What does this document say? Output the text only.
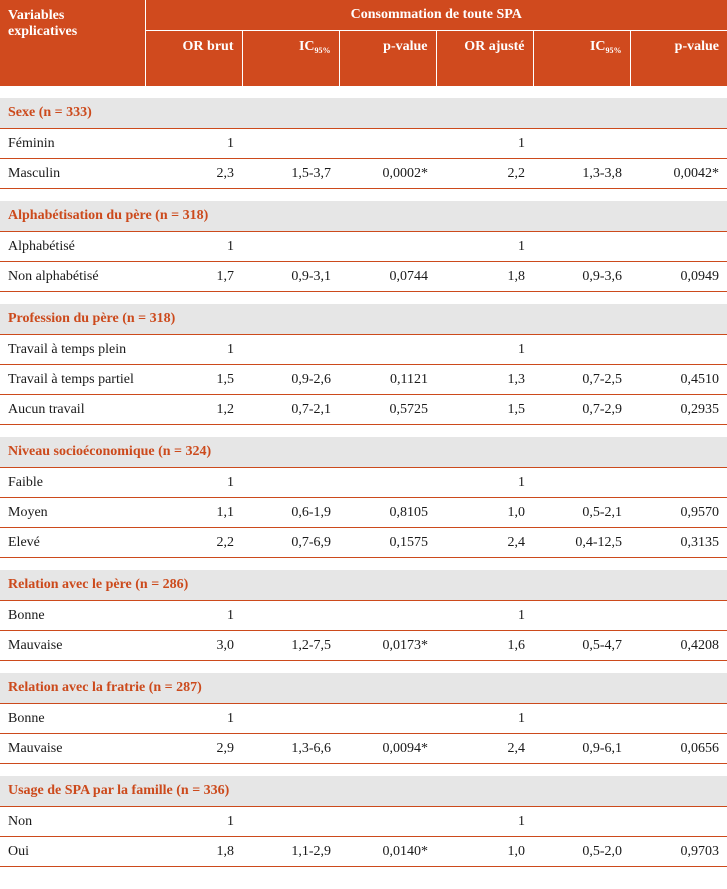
Variables
explicatives	Consommation de toute SPA					
	OR brut	$IC_{95\%}$	p-value	OR ajusté	$IC_{95\%}$	p-value

Sexe (n = 333)						
Féminin	1			1		
Masculin	2,3	1,5-3,7	0,0002*	2,2	1,3-3,8	0,0042*

Alphabétisation du père (n = 318)						
Alphabétisé	1			1		
Non alphabétisé	1,7	0,9-3,1	0,0744	1,8	0,9-3,6	0,0949

Profession du père (n = 318)						
Travail à temps plein	1			1		
Travail à temps partiel	1,5	0,9-2,6	0,1121	1,3	0,7-2,5	0,4510
Aucun travail	1,2	0,7-2,1	0,5725	1,5	0,7-2,9	0,2935

Niveau socioéconomique (n = 324)						
Faible	1			1		
Moyen	1,1	0,6-1,9	0,8105	1,0	0,5-2,1	0,9570
Elevé	2,2	0,7-6,9	0,1575	2,4	0,4-12,5	0,3135

Relation avec le père (n = 286)						
Bonne	1			1		
Mauvaise	3,0	1,2-7,5	0,0173*	1,6	0,5-4,7	0,4208

Relation avec la fratrie (n = 287)						
Bonne	1			1		
Mauvaise	2,9	1,3-6,6	0,0094*	2,4	0,9-6,1	0,0656

Usage de SPA par la famille (n = 336)						
Non	1			1		
Oui	1,8	1,1-2,9	0,0140*	1,0	0,5-2,0	0,9703
